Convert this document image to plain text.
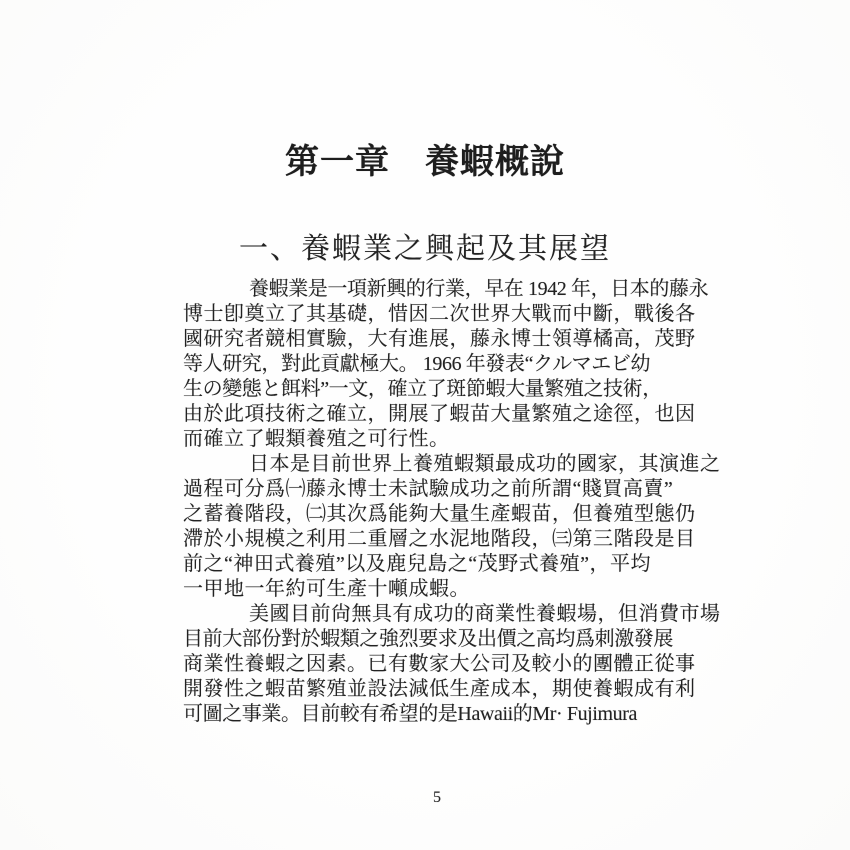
第一章　養蝦概說
一、養蝦業之興起及其展望
養蝦業是一項新興的行業，早在 1942 年，日本的藤永
博士卽奠立了其基礎，惜因二次世界大戰而中斷，戰後各
國研究者競相實驗，大有進展，藤永博士領導橘高，茂野
等人研究，對此貢獻極大。 1966 年發表“クルマエビ幼
生の變態と餌料”一文，確立了斑節蝦大量繁殖之技術，
由於此項技術之確立，開展了蝦苗大量繁殖之途徑，也因
而確立了蝦類養殖之可行性。
日本是目前世界上養殖蝦類最成功的國家，其演進之
過程可分爲㈠藤永博士未試驗成功之前所謂“賤買高賣”
之蓄養階段，㈡其次爲能夠大量生產蝦苗，但養殖型態仍
滯於小規模之利用二重層之水泥地階段，㈢第三階段是目
前之“神田式養殖”以及鹿兒島之“茂野式養殖”，平均
一甲地一年約可生產十噸成蝦。
美國目前尙無具有成功的商業性養蝦場，但消費市場
目前大部份對於蝦類之強烈要求及出價之高均爲刺激發展
商業性養蝦之因素。已有數家大公司及較小的團體正從事
開發性之蝦苗繁殖並設法減低生產成本，期使養蝦成有利
可圖之事業。目前較有希望的是Hawaii的Mr· Fujimura
5
